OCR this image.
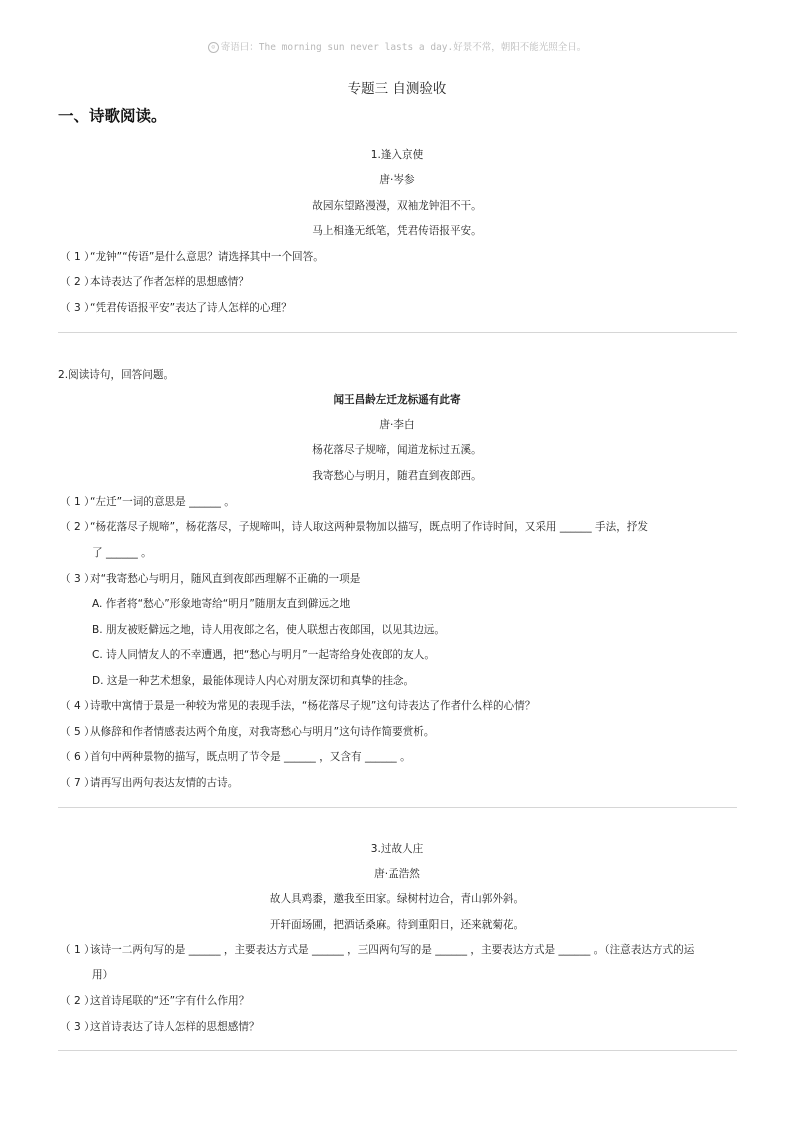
☺ 寄语曰：The morning sun never lasts a day.好景不常，朝阳不能光照全日。
专题三 自测验收
一、诗歌阅读。
1.逢入京使
唐·岑参
故园东望路漫漫，双袖龙钟泪不干。
马上相逢无纸笔，凭君传语报平安。
（ 1 ）“龙钟”“传语”是什么意思？请选择其中一个回答。
（ 2 ）本诗表达了作者怎样的思想感情？
（ 3 ）“凭君传语报平安”表达了诗人怎样的心理？
2.阅读诗句，回答问题。
闻王昌龄左迁龙标遥有此寄
唐·李白
杨花落尽子规啼，闻道龙标过五溪。
我寄愁心与明月，随君直到夜郎西。
（ 1 ）“左迁”一词的意思是 ______ 。
（ 2 ）“杨花落尽子规啼”，杨花落尽，子规啼叫，诗人取这两种景物加以描写，既点明了作诗时间，又采用 ______ 手法，抒发
了 ______ 。
（ 3 ）对“我寄愁心与明月，随风直到夜郎西理解不正确的一项是
A. 作者将“愁心”形象地寄给“明月”随朋友直到僻远之地
B. 朋友被贬僻远之地，诗人用夜郎之名，使人联想古夜郎国，以见其边远。
C. 诗人同情友人的不幸遭遇，把“愁心与明月”一起寄给身处夜郎的友人。
D. 这是一种艺术想象，最能体现诗人内心对朋友深切和真挚的挂念。
（ 4 ）诗歌中寓情于景是一种较为常见的表现手法，“杨花落尽子规”这句诗表达了作者什么样的心情？
（ 5 ）从修辞和作者情感表达两个角度，对我寄愁心与明月”这句诗作简要赏析。
（ 6 ）首句中两种景物的描写，既点明了节令是 ______ ，又含有 ______ 。
（ 7 ）请再写出两句表达友情的古诗。
3.过故人庄
唐·孟浩然
故人具鸡黍，邀我至田家。绿树村边合，青山郭外斜。
开轩面场圃，把酒话桑麻。待到重阳日，还来就菊花。
（ 1 ）该诗一二两句写的是 ______ ，主要表达方式是 ______ ，三四两句写的是 ______ ，主要表达方式是 ______ 。（注意表达方式的运
用）
（ 2 ）这首诗尾联的“还”字有什么作用？
（ 3 ）这首诗表达了诗人怎样的思想感情？
